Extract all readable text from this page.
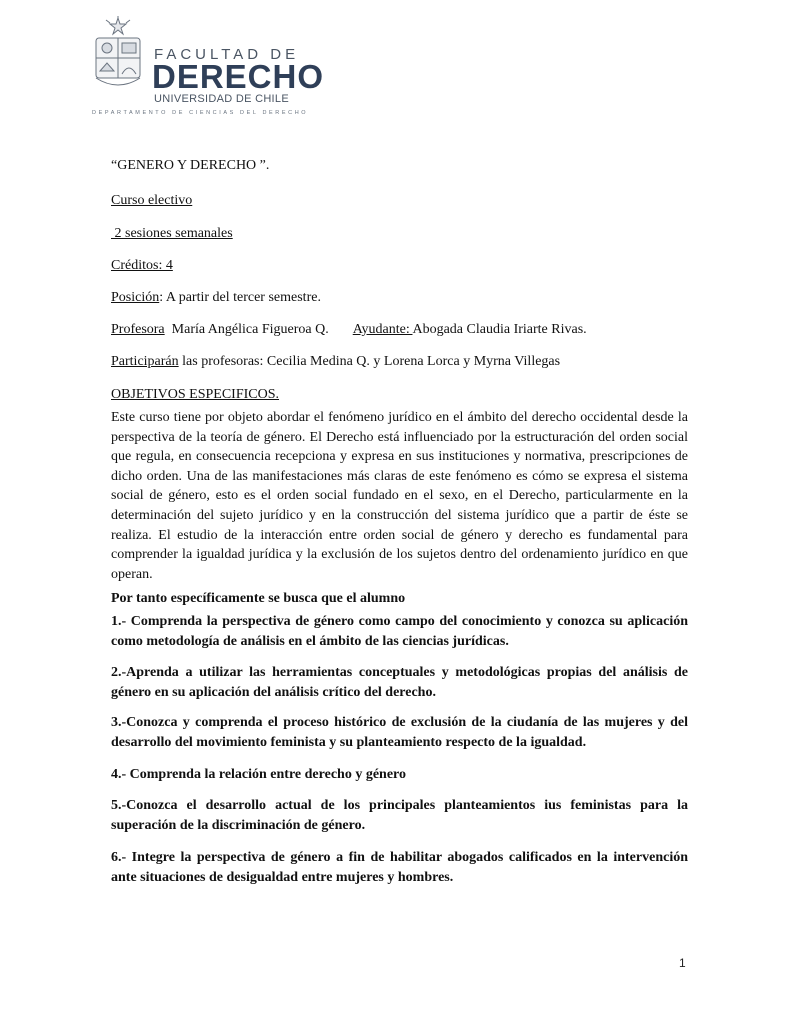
FACULTAD DE
DERECHO
UNIVERSIDAD DE CHILE
DEPARTAMENTO DE CIENCIAS DEL DERECHO
“GENERO Y DERECHO ”.
Curso electivo
2 sesiones semanales
Créditos: 4
Posición: A partir del tercer semestre.
Profesora  María Angélica Figueroa Q. Ayudante: Abogada Claudia Iriarte Rivas.
Participarán las profesoras: Cecilia Medina Q. y Lorena Lorca y Myrna Villegas
OBJETIVOS ESPECIFICOS.
Este curso tiene por objeto abordar el fenómeno jurídico en el ámbito del derecho occidental desde la perspectiva de la teoría de género. El Derecho está influenciado por la estructuración del orden social que regula, en consecuencia recepciona y expresa en sus instituciones y normativa, prescripciones de dicho orden. Una de las manifestaciones más claras de este fenómeno es cómo se expresa el sistema social de género, esto es el orden social fundado en el sexo, en el Derecho, particularmente en la determinación del sujeto jurídico y en la construcción del sistema jurídico que a partir de éste se realiza. El estudio de la interacción entre orden social de género y derecho es fundamental para comprender la igualdad jurídica y la exclusión de los sujetos dentro del ordenamiento jurídico en que operan.
Por tanto específicamente se busca que el alumno
1.- Comprenda la perspectiva de género como campo del conocimiento y conozca su aplicación como metodología de análisis en el ámbito de las ciencias jurídicas.
2.-Aprenda a utilizar las herramientas conceptuales y metodológicas propias del análisis de género en su aplicación del análisis crítico del derecho.
3.-Conozca y comprenda el proceso histórico de exclusión de la ciudanía de las mujeres y del desarrollo del movimiento feminista y su planteamiento respecto de la igualdad.
4.- Comprenda la relación entre derecho y género
5.-Conozca el desarrollo actual de los principales planteamientos ius feministas para la superación de la discriminación de género.
6.- Integre la perspectiva de género a fin de habilitar abogados calificados en la intervención ante situaciones de desigualdad entre mujeres y hombres.
1
